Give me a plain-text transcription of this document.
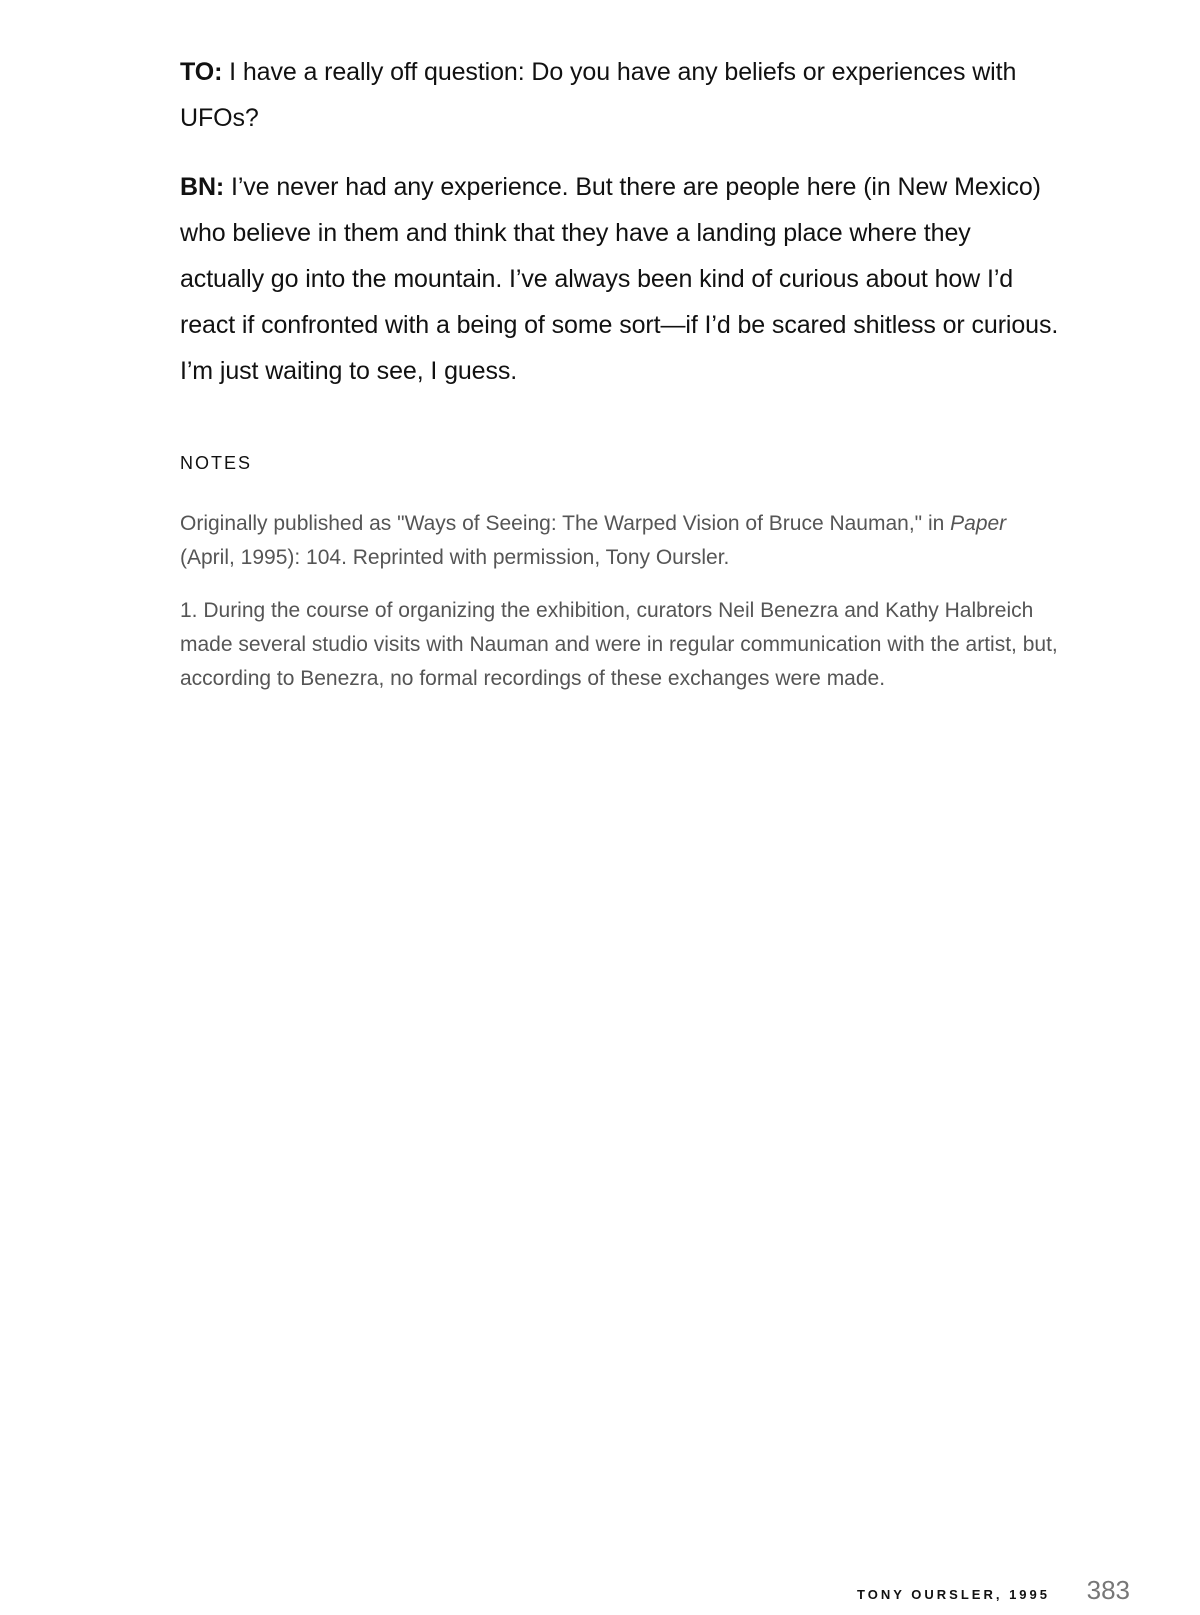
TO: I have a really off question: Do you have any beliefs or experiences with UFOs?

BN: I’ve never had any experience. But there are people here (in New Mexico) who believe in them and think that they have a landing place where they actually go into the mountain. I’ve always been kind of curious about how I’d react if confronted with a being of some sort—if I’d be scared shitless or curious. I’m just waiting to see, I guess.

NOTES

Originally published as "Ways of Seeing: The Warped Vision of Bruce Nauman," in Paper (April, 1995): 104. Reprinted with permission, Tony Oursler.

1. During the course of organizing the exhibition, curators Neil Benezra and Kathy Halbreich made several studio visits with Nauman and were in regular communication with the artist, but, according to Benezra, no formal recordings of these exchanges were made.

TONY OURSLER, 1995 383
